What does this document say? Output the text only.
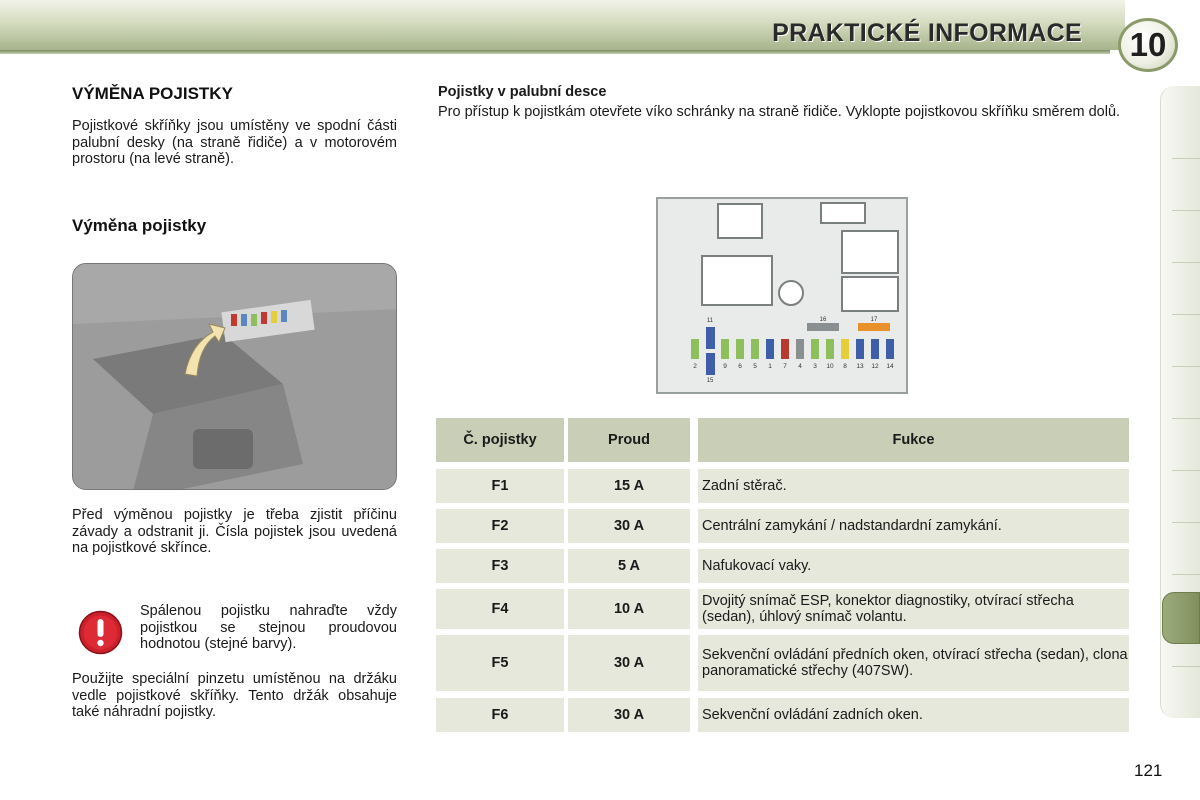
PRAKTICKÉ INFORMACE	10
VÝMĚNA POJISTKY
Pojistkové skříňky jsou umístěny ve spodní části palubní desky (na straně řidiče) a v motorovém prostoru (na levé straně).
Výměna pojistky
Před výměnou pojistky je třeba zjistit příčinu závady a odstranit ji. Čísla pojistek jsou uvedená na pojistkové skřínce.
Spálenou pojistku nahraďte vždy pojistkou se stejnou proudovou hodnotou (stejné barvy).
Použijte speciální pinzetu umístěnou na držáku vedle pojistkové skříňky. Tento držák obsahuje také náhradní pojistky.
Pojistky v palubní desce
Pro přístup k pojistkám otevřete víko schránky na straně řidiče. Vyklopte pojistkovou skříňku směrem dolů.
16	17
11
15
2	9 6 5 1 7 4 3 10 8 13 12 14
Č. pojistky	Proud	Fukce
F1	15 A	Zadní stěrač.
F2	30 A	Centrální zamykání / nadstandardní zamykání.
F3	5 A	Nafukovací vaky.
F4	10 A	Dvojitý snímač ESP, konektor diagnostiky, otvírací střecha (sedan), úhlový snímač volantu.
F5	30 A	Sekvenční ovládání předních oken, otvírací střecha (sedan), clona panoramatické střechy (407SW).
F6	30 A	Sekvenční ovládání zadních oken.
121
